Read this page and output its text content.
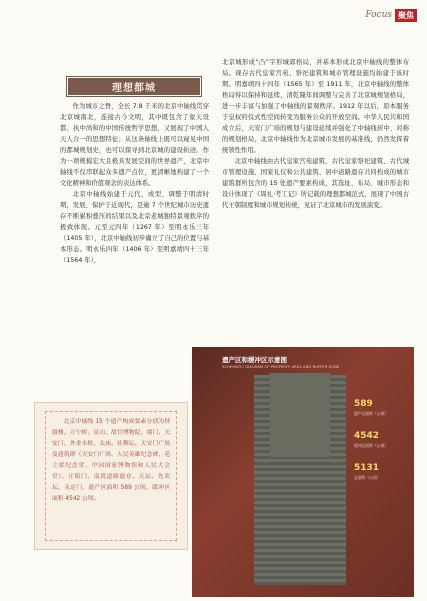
Focus 聚焦
理想都城

作为城市之脊，全长 7.8 千米的北京中轴线贯穿北京城南北，连接古今文明，其中既包含了象天设都、执中尚和的中国传统哲学思想，又展现了中国人天人合一的思想特征；从这条轴线上既可以窥见中国的都城规划史，也可以探寻到北京城的建设轨迹。作为一项规模宏大且极具发展空间的世界遗产，北京中轴线不仅串联起众多遗产点位，更清晰地构建了一个文化精神和价值观念的表达体系。

北京中轴线始建于元代，成型、调整于明清时期，发展、保护于近现代，是逾 7 个世纪城市历史遗存不断累积叠压的结果以及北京老城独特景观秩序的极致体现。元至元四年（1267 年）至明永乐三年（1405 年），北京中轴线初步确立了自己的位置与基本形态。明永乐四年（1406 年）至明嘉靖四十三年（1564 年），

北京城形成“凸”字形城郭格局，并基本形成北京中轴线的整体布局。现存古代皇家宫苑、祭祀建筑和城市管理设施均始建于该时期。明嘉靖四十四年（1565 年）至 1911 年，北京中轴线的整体格局得以保持和延续，清乾隆年间调整与完善了北京城规划格局，进一步丰富与加强了中轴线的景观秩序。1912 年以后，原本服务于皇权的仪式性空间转变为服务公众的开放空间。中华人民共和国成立后，天安门广场的规划与建设延续并强化了中轴线居中、对称的规划格局，北京中轴线作为北京城市发展的基准线，仍然发挥着统领性作用。

北京中轴线由古代皇家宫苑建筑、古代皇家祭祀建筑、古代城市管理设施、国家礼仪和公共建筑、居中道路遗存共同构成的城市建筑群所包含的 15 处遗产要素构成，其选址、布局、城市形态和设计体现了《周礼·考工记》所记载的理想都城范式，展现了中国古代王朝制度和城市规划传统，见证了北京城市的发展演变。

遗产区和缓冲区示意图
SCHEMATIC DIAGRAM OF PROPERTY AREA AND BUFFER ZONE
589
遗产区面积（公顷）
4542
缓冲区面积（公顷）
5131
总面积（公顷）
北京中轴线 15 个遗产构成要素分别为钟鼓楼、万宁桥、景山、故宫博物院、端门、天安门、外金水桥、太庙、社稷坛、天安门广场及建筑群（天安门广场、人民英雄纪念碑、毛主席纪念堂、中国国家博物馆和人民大会堂）、正阳门、南段道路遗存、天坛、先农坛、永定门，遗产区面积 589 公顷，缓冲区面积 4542 公顷。
